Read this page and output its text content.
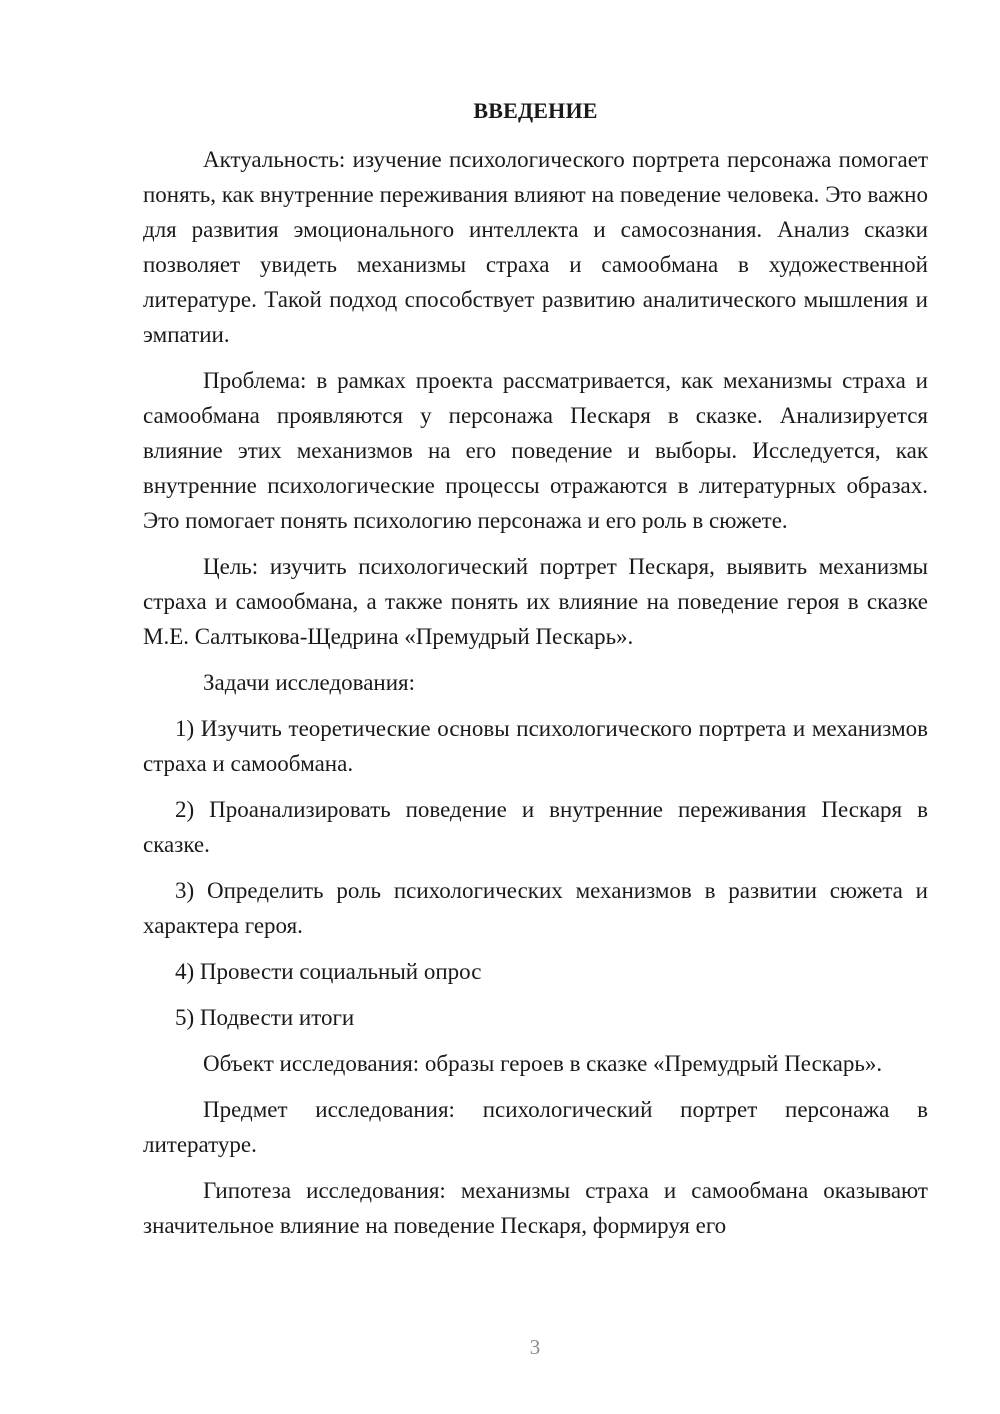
ВВЕДЕНИЕ

Актуальность: изучение психологического портрета персонажа помогает понять, как внутренние переживания влияют на поведение человека. Это важно для развития эмоционального интеллекта и самосознания. Анализ сказки позволяет увидеть механизмы страха и самообмана в художественной литературе. Такой подход способствует развитию аналитического мышления и эмпатии.

Проблема: в рамках проекта рассматривается, как механизмы страха и самообмана проявляются у персонажа Пескаря в сказке. Анализируется влияние этих механизмов на его поведение и выборы. Исследуется, как внутренние психологические процессы отражаются в литературных образах. Это помогает понять психологию персонажа и его роль в сюжете.

Цель: изучить психологический портрет Пескаря, выявить механизмы страха и самообмана, а также понять их влияние на поведение героя в сказке М.Е. Салтыкова-Щедрина «Премудрый Пескарь».

Задачи исследования:

1) Изучить теоретические основы психологического портрета и механизмов страха и самообмана.

2) Проанализировать поведение и внутренние переживания Пескаря в сказке.

3) Определить роль психологических механизмов в развитии сюжета и характера героя.

4) Провести социальный опрос

5) Подвести итоги

Объект исследования: образы героев в сказке «Премудрый Пескарь».

Предмет исследования: психологический портрет персонажа в литературе.

Гипотеза исследования: механизмы страха и самообмана оказывают значительное влияние на поведение Пескаря, формируя его

3
